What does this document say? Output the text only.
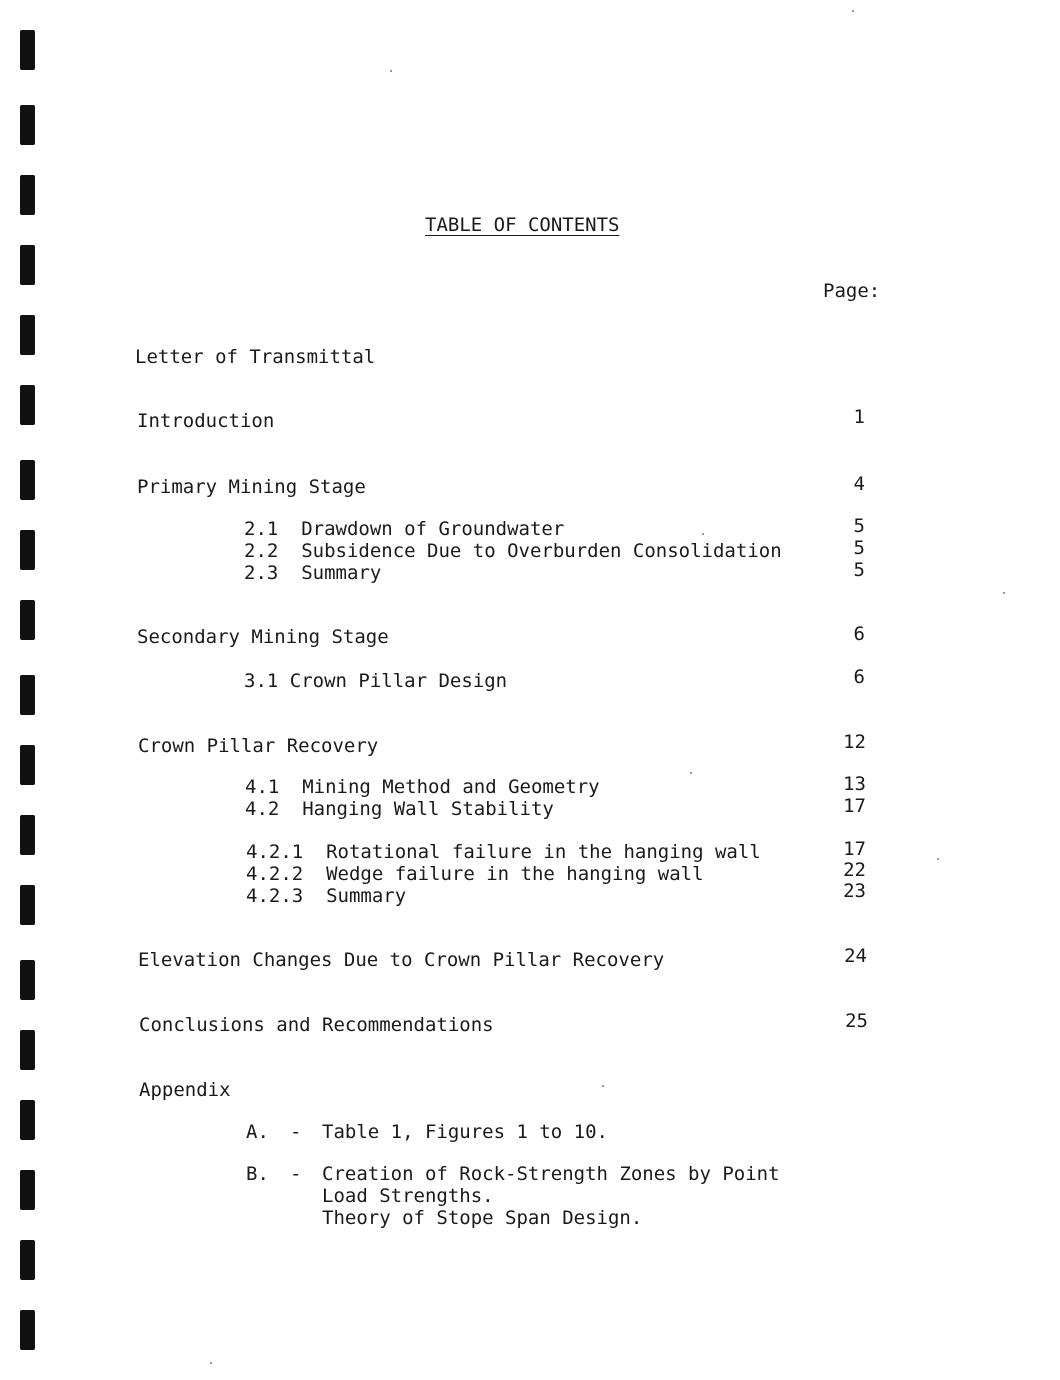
TABLE OF CONTENTS
Page:
Letter of Transmittal
Introduction	1
Primary Mining Stage	4
2.1  Drawdown of Groundwater	5
2.2  Subsidence Due to Overburden Consolidation	5
2.3  Summary	5
Secondary Mining Stage	6
3.1 Crown Pillar Design	6
Crown Pillar Recovery	12
4.1  Mining Method and Geometry	13
4.2  Hanging Wall Stability	17
4.2.1  Rotational failure in the hanging wall	17
4.2.2  Wedge failure in the hanging wall	22
4.2.3  Summary	23
Elevation Changes Due to Crown Pillar Recovery	24
Conclusions and Recommendations	25
Appendix
A. - Table 1, Figures 1 to 10.
B. - Creation of Rock-Strength Zones by Point
Load Strengths.
Theory of Stope Span Design.
